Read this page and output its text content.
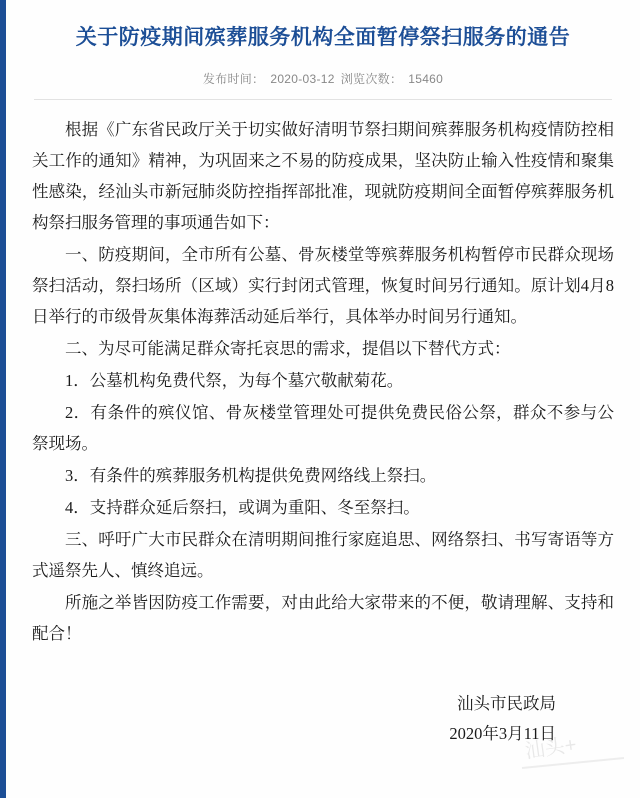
关于防疫期间殡葬服务机构全面暂停祭扫服务的通告
发布时间： 2020-03-12 浏览次数： 15460

根据《广东省民政厅关于切实做好清明节祭扫期间殡葬服务机构疫情防控相关工作的通知》精神，为巩固来之不易的防疫成果，坚决防止输入性疫情和聚集性感染，经汕头市新冠肺炎防控指挥部批准，现就防疫期间全面暂停殡葬服务机构祭扫服务管理的事项通告如下：

一、防疫期间，全市所有公墓、骨灰楼堂等殡葬服务机构暂停市民群众现场祭扫活动，祭扫场所（区域）实行封闭式管理，恢复时间另行通知。原计划4月8日举行的市级骨灰集体海葬活动延后举行，具体举办时间另行通知。

二、为尽可能满足群众寄托哀思的需求，提倡以下替代方式：

1．公墓机构免费代祭，为每个墓穴敬献菊花。

2．有条件的殡仪馆、骨灰楼堂管理处可提供免费民俗公祭，群众不参与公祭现场。

3．有条件的殡葬服务机构提供免费网络线上祭扫。

4．支持群众延后祭扫，或调为重阳、冬至祭扫。

三、呼吁广大市民群众在清明期间推行家庭追思、网络祭扫、书写寄语等方式遥祭先人、慎终追远。

所施之举皆因防疫工作需要，对由此给大家带来的不便，敬请理解、支持和配合！

汕头市民政局
2020年3月11日
汕头+
